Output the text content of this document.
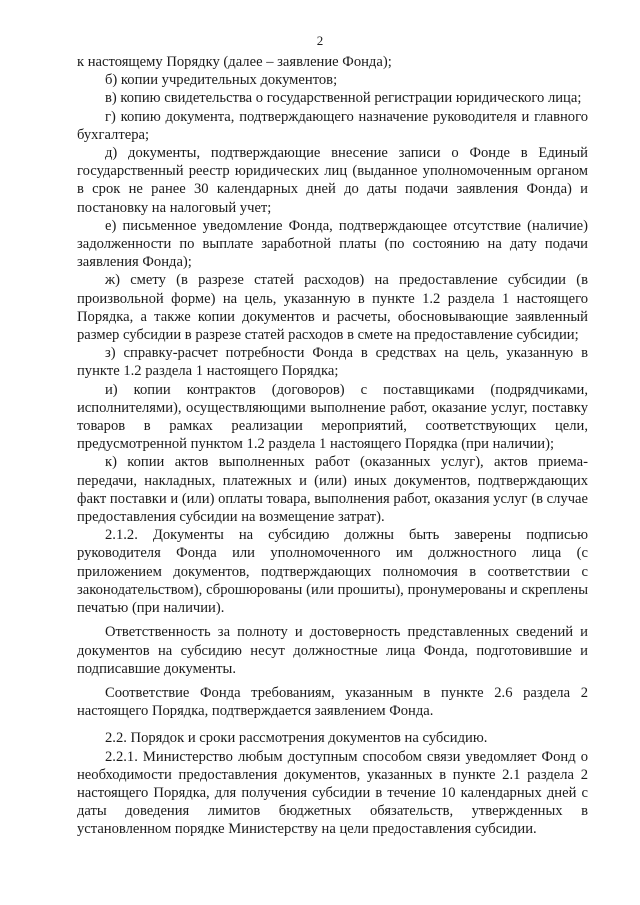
2

к настоящему Порядку (далее – заявление Фонда);

б) копии учредительных документов;

в) копию свидетельства о государственной регистрации юридического лица;

г) копию документа, подтверждающего назначение руководителя и главного бухгалтера;

д) документы, подтверждающие внесение записи о Фонде в Единый государственный реестр юридических лиц (выданное уполномоченным органом в срок не ранее 30 календарных дней до даты подачи заявления Фонда) и постановку на налоговый учет;

е) письменное уведомление Фонда, подтверждающее отсутствие (наличие) задолженности по выплате заработной платы (по состоянию на дату подачи заявления Фонда);

ж) смету (в разрезе статей расходов) на предоставление субсидии (в произвольной форме) на цель, указанную в пункте 1.2 раздела 1 настоящего Порядка, а также копии документов и расчеты, обосновывающие заявленный размер субсидии в разрезе статей расходов в смете на предоставление субсидии;

з) справку-расчет потребности Фонда в средствах на цель, указанную в пункте 1.2 раздела 1 настоящего Порядка;

и) копии контрактов (договоров) с поставщиками (подрядчиками, исполнителями), осуществляющими выполнение работ, оказание услуг, поставку товаров в рамках реализации мероприятий, соответствующих цели, предусмотренной пунктом 1.2 раздела 1 настоящего Порядка (при наличии);

к) копии актов выполненных работ (оказанных услуг), актов приема-передачи, накладных, платежных и (или) иных документов, подтверждающих факт поставки и (или) оплаты товара, выполнения работ, оказания услуг (в случае предоставления субсидии на возмещение затрат).

2.1.2. Документы на субсидию должны быть заверены подписью руководителя Фонда или уполномоченного им должностного лица (с приложением документов, подтверждающих полномочия в соответствии с законодательством), сброшюрованы (или прошиты), пронумерованы и скреплены печатью (при наличии).

Ответственность за полноту и достоверность представленных сведений и документов на субсидию несут должностные лица Фонда, подготовившие и подписавшие документы.

Соответствие Фонда требованиям, указанным в пункте 2.6 раздела 2 настоящего Порядка, подтверждается заявлением Фонда.

2.2. Порядок и сроки рассмотрения документов на субсидию.

2.2.1. Министерство любым доступным способом связи уведомляет Фонд о необходимости предоставления документов, указанных в пункте 2.1 раздела 2 настоящего Порядка, для получения субсидии в течение 10 календарных дней с даты доведения лимитов бюджетных обязательств, утвержденных в установленном порядке Министерству на цели предоставления субсидии.
